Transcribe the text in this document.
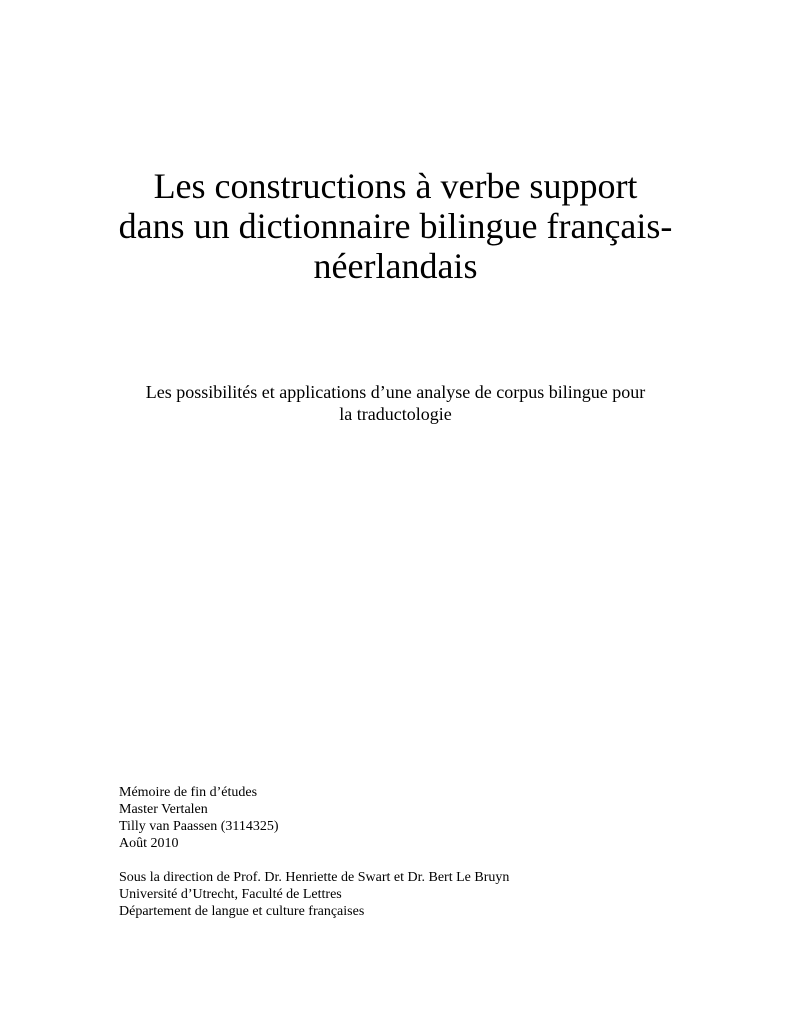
Les constructions à verbe support
dans un dictionnaire bilingue français-
néerlandais

Les possibilités et applications d’une analyse de corpus bilingue pour
la traductologie

Mémoire de fin d’études
Master Vertalen
Tilly van Paassen (3114325)
Août 2010
Sous la direction de Prof. Dr. Henriette de Swart et Dr. Bert Le Bruyn
Université d’Utrecht, Faculté de Lettres
Département de langue et culture françaises
